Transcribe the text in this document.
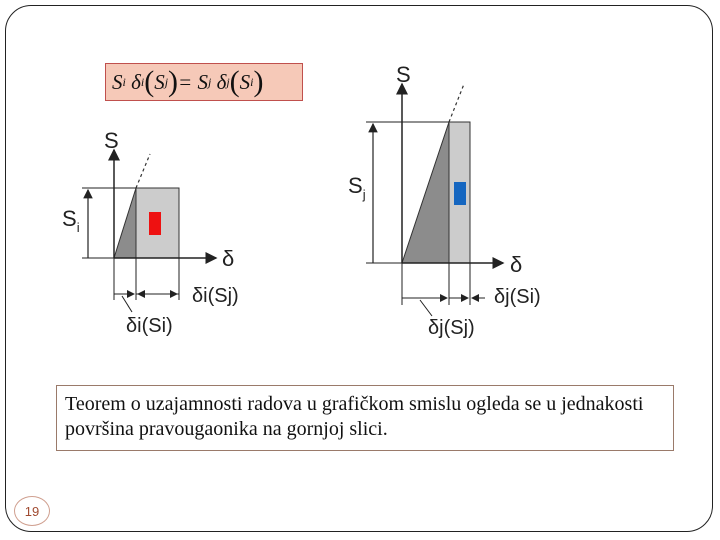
S i
δ i ( S j ) =
S j
δ j ( S i )
S
δ
$S_i$
δi(Sj)
δi(Si)
S
δ
$S_j$
δj(Si)
δj(Sj)
Teorem o uzajamnosti radova u grafičkom smislu ogleda se u jednakosti površina pravougaonika na gornjoj slici.
19
